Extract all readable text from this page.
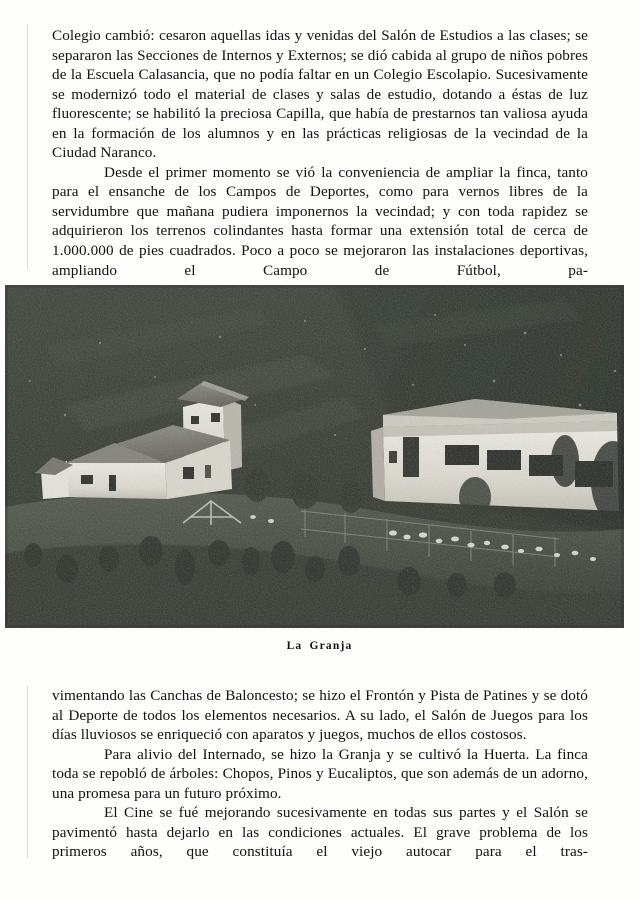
Colegio cambió: cesaron aquellas idas y venidas del Salón de Estudios a las clases; se separaron las Secciones de Internos y Externos; se dió cabida al grupo de niños pobres de la Escuela Calasancia, que no podía faltar en un Colegio Escolapio. Sucesivamente se modernizó todo el material de clases y salas de estudio, dotando a éstas de luz fluorescente; se habilitó la preciosa Capilla, que había de prestarnos tan valiosa ayuda en la formación de los alumnos y en las prácticas religiosas de la vecindad de la Ciudad Naranco.

Desde el primer momento se vió la conveniencia de ampliar la finca, tanto para el ensanche de los Campos de Deportes, como para vernos libres de la servidumbre que mañana pudiera imponernos la vecindad; y con toda rapidez se adquirieron los terrenos colindantes hasta formar una extensión total de cerca de 1.000.000 de pies cuadrados. Poco a poco se mejoraron las instalaciones deportivas, ampliando el Campo de Fútbol, pa-

La Granja

vimentando las Canchas de Baloncesto; se hizo el Frontón y Pista de Patines y se dotó al Deporte de todos los elementos necesarios. A su lado, el Salón de Juegos para los días lluviosos se enriqueció con aparatos y juegos, muchos de ellos costosos.

Para alivio del Internado, se hizo la Granja y se cultivó la Huerta. La finca toda se repobló de árboles: Chopos, Pinos y Eucaliptos, que son además de un adorno, una promesa para un futuro próximo.

El Cine se fué mejorando sucesivamente en todas sus partes y el Salón se pavimentó hasta dejarlo en las condiciones actuales. El grave problema de los primeros años, que constituía el viejo autocar para el tras-
